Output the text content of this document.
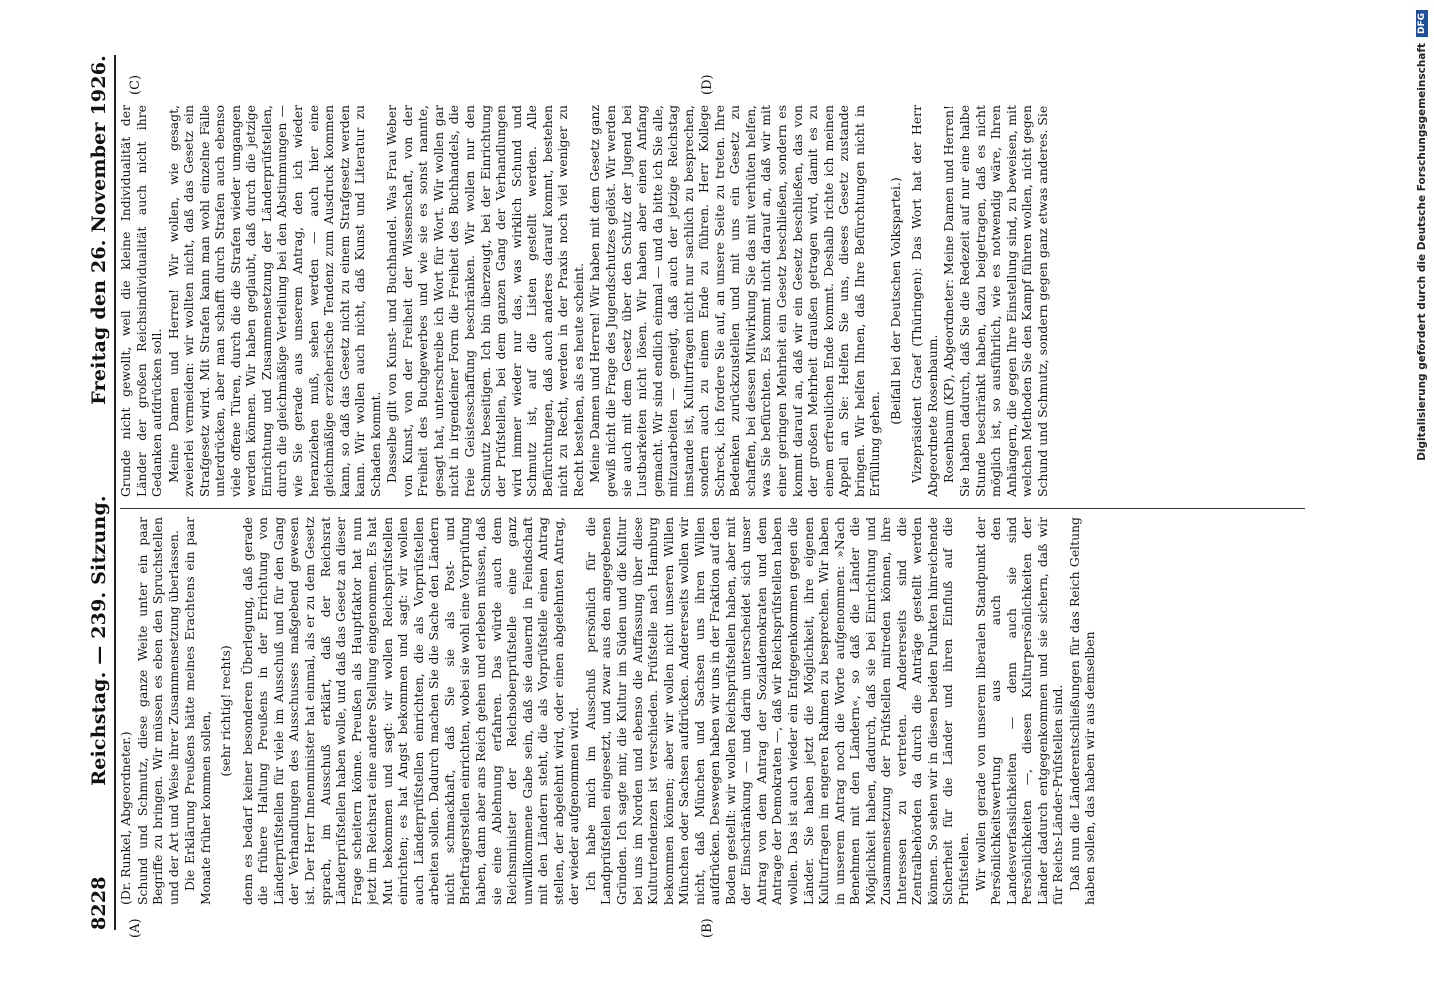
8228
Reichstag. — 239. Sitzung.
Freitag den 26. November 1926.
(A)	(B)
(C)	(D)

(Dr. Runkel, Abgeordneter.) Schund und Schmutz, diese ganze Weite unter ein paar Begriffe zu bringen. Wir müssen es eben den Spruchstellen und der Art und Weise ihrer Zusammensetzung überlassen. Die Erklärung Preußens hätte meines Erachtens ein paar Monate früher kommen sollen, (sehr richtig! rechts) denn es bedarf keiner besonderen Überlegung, daß gerade die frühere Haltung Preußens in der Errichtung von Länderprüfstellen für viele im Ausschuß und für den Gang der Verhandlungen des Ausschusses maßgebend gewesen ist. Der Herr Innenminister hat einmal, als er zu dem Gesetz sprach, im Ausschuß erklärt, daß der Reichsrat Länderprüfstellen haben wolle, und daß das Gesetz an dieser Frage scheitern könne. Preußen als Hauptfaktor hat nun jetzt im Reichsrat eine andere Stellung eingenommen. Es hat Mut bekommen und sagt: wir wollen Reichsprüfstellen einrichten; es hat Angst bekommen und sagt: wir wollen auch Länderprüfstellen einrichten, die als Vorprüfstellen arbeiten sollen. Dadurch machen Sie die Sache den Ländern nicht schmackhaft, daß Sie sie als Post- und Briefträgerstellen einrichten, wobei sie wohl eine Vorprüfung haben, dann aber ans Reich gehen und erleben müssen, daß sie eine Ablehnung erfahren. Das würde auch dem Reichsminister der Reichsoberprüfstelle eine ganz unwillkommene Gabe sein, daß sie dauernd in Feindschaft mit den Ländern steht, die als Vorprüfstelle einen Antrag stellen, der abgelehnt wird, oder einen abgelehnten Antrag, der wieder aufgenommen wird. Ich habe mich im Ausschuß persönlich für die Landprüfstellen eingesetzt, und zwar aus den angegebenen Gründen. Ich sagte mir, die Kultur im Süden und die Kultur bei uns im Norden und ebenso die Auffassung über diese Kulturtendenzen ist verschieden. Prüfstelle nach Hamburg bekommen können; aber wir wollen nicht unseren Willen München oder Sachsen aufdrücken. Andererseits wollen wir nicht, daß München und Sachsen uns ihren Willen aufdrücken. Deswegen haben wir uns in der Fraktion auf den Boden gestellt: wir wollen Reichsprüfstellen haben, aber mit der Einschränkung — und darin unterscheidet sich unser Antrag von dem Antrag der Sozialdemokraten und dem Antrage der Demokraten —, daß wir Reichsprüfstellen haben wollen. Das ist auch wieder ein Entgegenkommen gegen die Länder. Sie haben jetzt die Möglichkeit, ihre eigenen Kulturfragen im engeren Rahmen zu besprechen. Wir haben in unserem Antrag noch die Worte aufgenommen: »Nach Benehmen mit den Ländern«, so daß die Länder die Möglichkeit haben, dadurch, daß sie bei Einrichtung und Zusammensetzung der Prüfstellen mitreden können, ihre Interessen zu vertreten. Andererseits sind die Zentralbehörden da durch die Anträge gestellt werden können. So sehen wir in diesen beiden Punkten hinreichende Sicherheit für die Länder und ihren Einfluß auf die Prüfstellen. Wir wollen gerade von unserem liberalen Standpunkt der Persönlichkeitswertung aus auch den Landesverfasslichkeiten — denn auch sie sind Persönlichkeiten —, diesen Kulturpersönlichkeiten der Länder dadurch entgegenkommen und sie sichern, daß wir für Reichs-Länder-Prüfstellen sind. Daß nun die Länderentschließungen für das Reich Geltung haben sollen, das haben wir aus demselben

Grunde nicht gewollt, weil die kleine Individualität der Länder der großen Reichsindividualität auch nicht ihre Gedanken aufdrücken soll. Meine Damen und Herren! Wir wollen, wie gesagt, zweierlei vermeiden: wir wollten nicht, daß das Gesetz ein Strafgesetz wird. Mit Strafen kann man wohl einzelne Fälle unterdrücken, aber man schafft durch Strafen auch ebenso viele offene Türen, durch die die Strafen wieder umgangen werden können. Wir haben geglaubt, daß durch die jetzige Einrichtung und Zusammensetzung der Länderprüfstellen, durch die gleichmäßige Verteilung bei den Abstimmungen — wie Sie gerade aus unserem Antrag, den ich wieder heranziehen muß, sehen werden — auch hier eine gleichmäßige erzieherische Tendenz zum Ausdruck kommen kann, so daß das Gesetz nicht zu einem Strafgesetz werden kann. Wir wollen auch nicht, daß Kunst und Literatur zu Schaden kommt. Dasselbe gilt von Kunst- und Buchhandel. Was Frau Weber von Kunst, von der Freiheit der Wissenschaft, von der Freiheit des Buchgewerbes und wie sie es sonst nannte, gesagt hat, unterschreibe ich Wort für Wort. Wir wollen gar nicht in irgendeiner Form die Freiheit des Buchhandels, die freie Geistesschaffung beschränken. Wir wollen nur den Schmutz beseitigen. Ich bin überzeugt, bei der Einrichtung der Prüfstellen, bei dem ganzen Gang der Verhandlungen wird immer wieder nur das, was wirklich Schund und Schmutz ist, auf die Listen gestellt werden. Alle Befürchtungen, daß auch anderes darauf kommt, bestehen nicht zu Recht, werden in der Praxis noch viel weniger zu Recht bestehen, als es heute scheint. Meine Damen und Herren! Wir haben mit dem Gesetz ganz gewiß nicht die Frage des Jugendschutzes gelöst. Wir werden sie auch mit dem Gesetz über den Schutz der Jugend bei Lustbarkeiten nicht lösen. Wir haben aber einen Anfang gemacht. Wir sind endlich einmal — und da bitte ich Sie alle, mitzuarbeiten — geneigt, daß auch der jetzige Reichstag imstande ist, Kulturfragen nicht nur sachlich zu besprechen, sondern auch zu einem Ende zu führen. Herr Kollege Schreck, ich fordere Sie auf, an unsere Seite zu treten. Ihre Bedenken zurückzustellen und mit uns ein Gesetz zu schaffen, bei dessen Mitwirkung Sie das mit verhüten helfen, was Sie befürchten. Es kommt nicht darauf an, daß wir mit einer geringen Mehrheit ein Gesetz beschließen, sondern es kommt darauf an, daß wir ein Gesetz beschließen, das von der großen Mehrheit draußen getragen wird, damit es zu einem erfreulichen Ende kommt. Deshalb richte ich meinen Appell an Sie: Helfen Sie uns, dieses Gesetz zustande bringen. Wir helfen Ihnen, daß Ihre Befürchtungen nicht in Erfüllung gehen.

(Beifall bei der Deutschen Volkspartei.) Vizepräsident Graef (Thüringen): Das Wort hat der Herr Abgeordnete Rosenbaum. Rosenbaum (KP), Abgeordneter: Meine Damen und Herren! Sie haben dadurch, daß Sie die Redezeit auf nur eine halbe Stunde beschränkt haben, dazu beigetragen, daß es nicht möglich ist, so ausführlich, wie es notwendig wäre, Ihren Anhängern, die gegen Ihre Einstellung sind, zu beweisen, mit welchen Methoden Sie den Kampf führen wollen, nicht gegen Schund und Schmutz, sondern gegen ganz etwas anderes. Sie	Digitalisierung gefördert durch die Deutsche Forschungsgemeinschaft
DFG
